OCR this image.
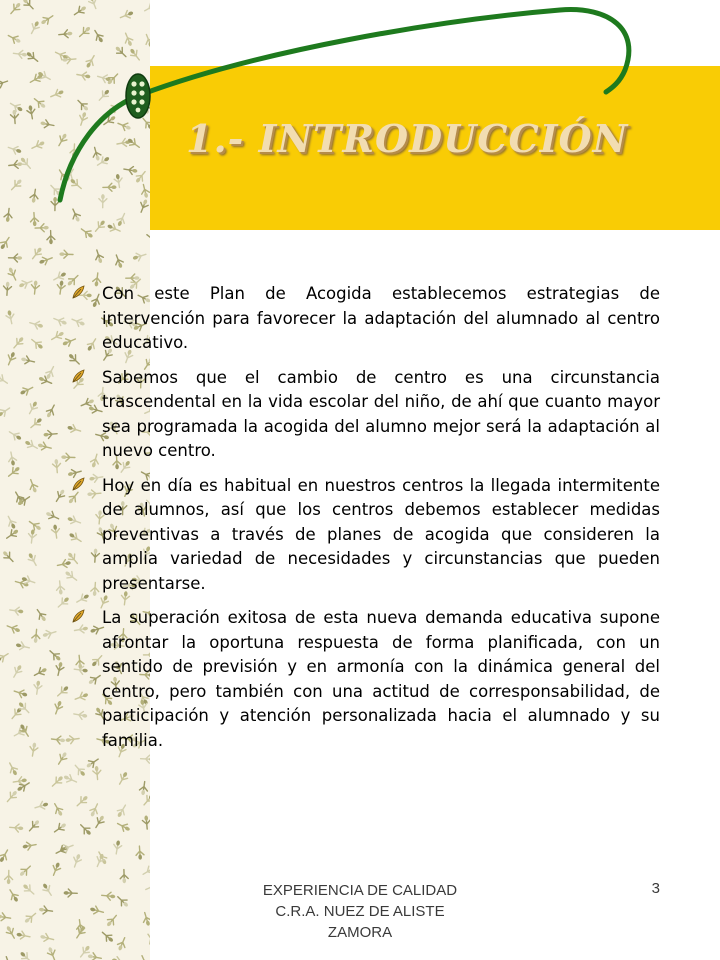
1.- INTRODUCCIÓN
Con este Plan de Acogida establecemos estrategias de intervención para favorecer la adaptación del alumnado al centro educativo.
Sabemos que el cambio de centro es una circunstancia trascendental en la vida escolar del niño, de ahí que cuanto mayor sea programada la acogida del alumno mejor será la adaptación al nuevo centro.
Hoy en día es habitual en nuestros centros la llegada intermitente de alumnos, así que los centros debemos establecer medidas preventivas a través de planes de acogida que consideren la amplia variedad de necesidades y circunstancias que pueden presentarse.
La superación exitosa de esta nueva demanda educativa supone afrontar la oportuna respuesta de forma planificada, con un sentido de previsión y en armonía con la dinámica general del centro, pero también con una actitud de corresponsabilidad, de participación y atención personalizada hacia el alumnado y su familia.
EXPERIENCIA DE CALIDAD
C.R.A. NUEZ DE ALISTE
ZAMORA
3
